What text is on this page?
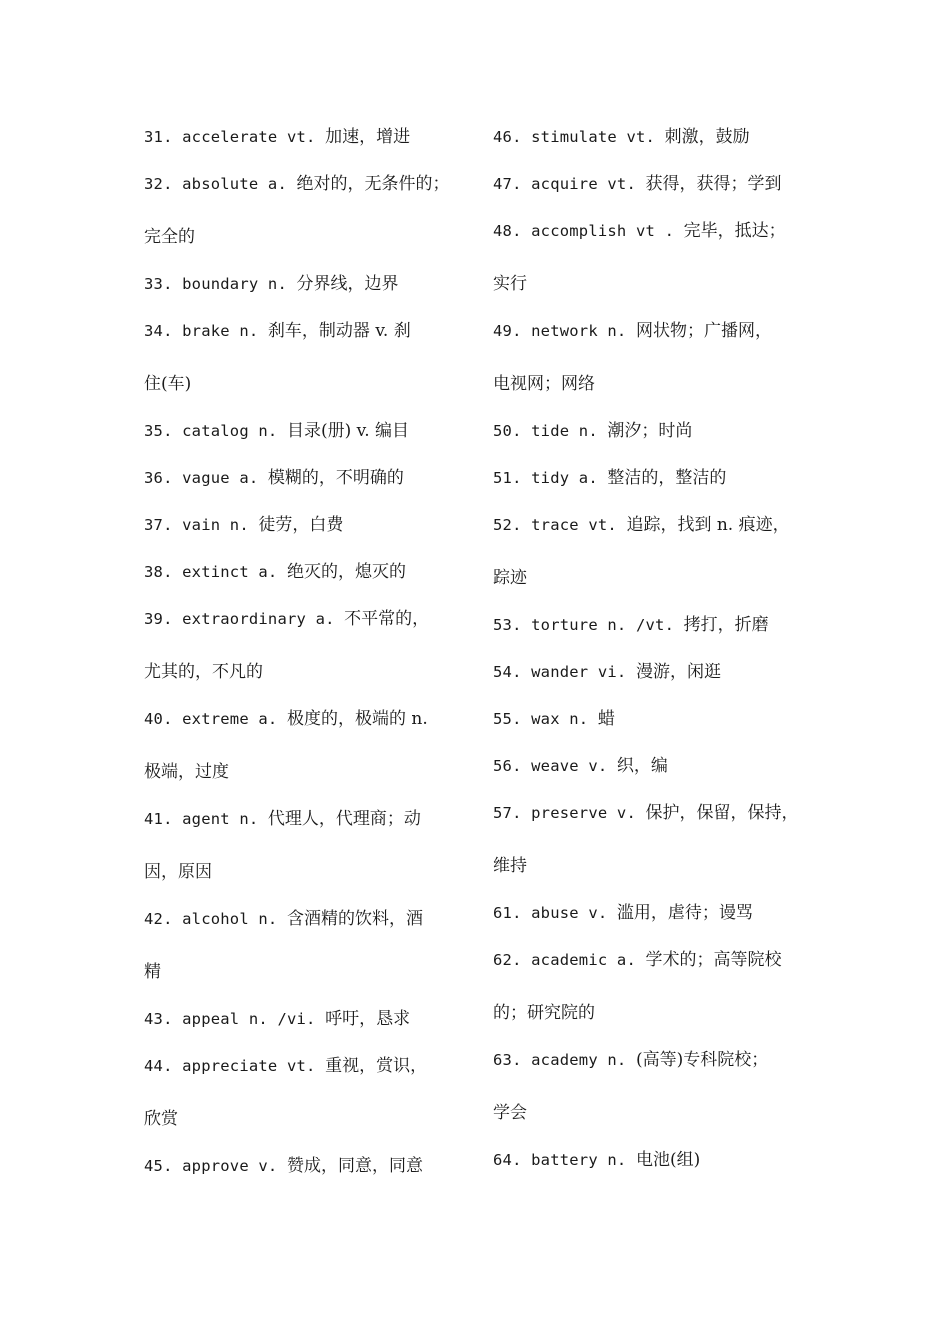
31. accelerate vt. 加速，增进
32. absolute a. 绝对的，无条件的；
完全的
33. boundary n. 分界线，边界
34. brake n. 刹车，制动器 v. 刹
住(车)
35. catalog n. 目录(册) v. 编目
36. vague a. 模糊的，不明确的
37. vain n. 徒劳，白费
38. extinct a. 绝灭的，熄灭的
39. extraordinary a. 不平常的，
尤其的，不凡的
40. extreme a. 极度的，极端的 n.
极端，过度
41. agent n. 代理人，代理商；动
因，原因
42. alcohol n. 含酒精的饮料，酒
精
43. appeal n. /vi. 呼吁，恳求
44. appreciate vt. 重视，赏识，
欣赏
45. approve v. 赞成，同意，同意
46. stimulate vt. 刺激，鼓励
47. acquire vt. 获得，获得；学到
48. accomplish vt . 完毕，抵达；
实行
49. network n. 网状物；广播网，
电视网；网络
50. tide n. 潮汐；时尚
51. tidy a. 整洁的，整洁的
52. trace vt. 追踪，找到 n. 痕迹，
踪迹
53. torture n. /vt. 拷打，折磨
54. wander vi. 漫游，闲逛
55. wax n. 蜡
56. weave v. 织，编
57. preserve v. 保护，保留，保持，
维持
61. abuse v. 滥用，虐待；谩骂
62. academic a. 学术的；高等院校
的；研究院的
63. academy n. (高等)专科院校；
学会
64. battery n. 电池(组)
